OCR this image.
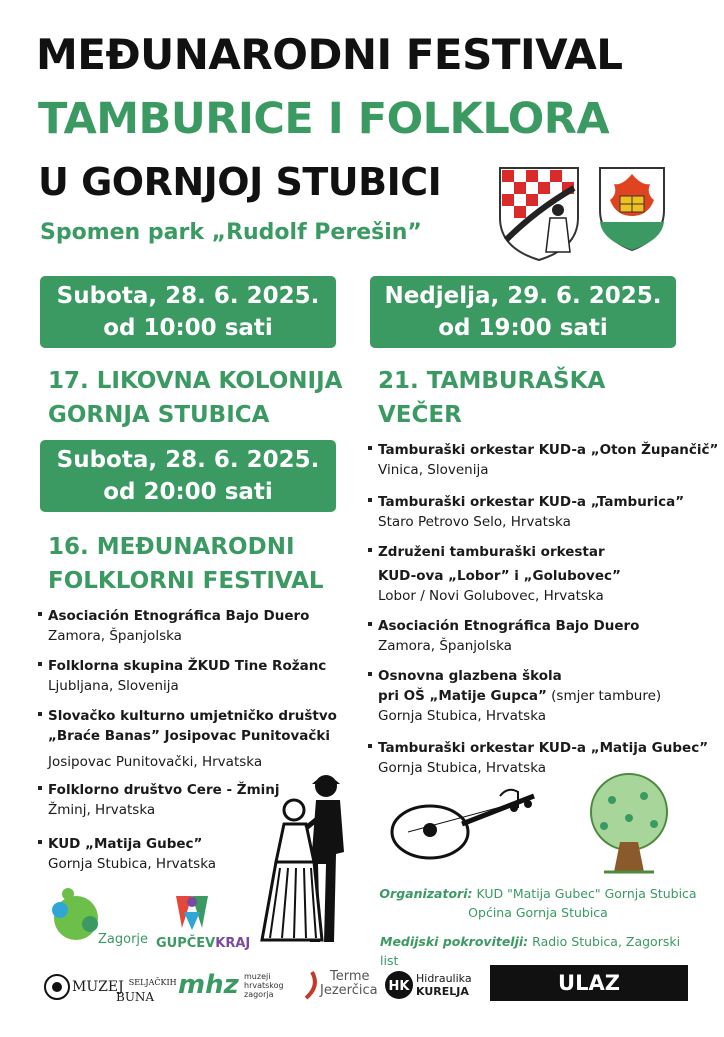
MEĐUNARODNI FESTIVAL
TAMBURICE I FOLKLORA
U GORNJOJ STUBICI
Spomen park „Rudolf Perešin”
Subota, 28. 6. 2025.
od 10:00 sati
17. LIKOVNA KOLONIJA
GORNJA STUBICA
Subota, 28. 6. 2025.
od 20:00 sati
16. MEĐUNARODNI
FOLKLORNI FESTIVAL
Asociación Etnográfica Bajo Duero
Zamora, Španjolska
Folklorna skupina ŽKUD Tine Rožanc
Ljubljana, Slovenija
Slovačko kulturno umjetničko društvo
„Braće Banas” Josipovac Punitovački
Josipovac Punitovački, Hrvatska
Folklorno društvo Cere - Žminj
Žminj, Hrvatska
KUD „Matija Gubec”
Gornja Stubica, Hrvatska
Nedjelja, 29. 6. 2025.
od 19:00 sati
21. TAMBURAŠKA
VEČER
Tamburaški orkestar KUD-a „Oton Župančič”
Vinica, Slovenija
Tamburaški orkestar KUD-a „Tamburica”
Staro Petrovo Selo, Hrvatska
Združeni tamburaški orkestar
KUD-ova „Lobor” i „Golubovec”
Lobor / Novi Golubovec, Hrvatska
Asociación Etnográfica Bajo Duero
Zamora, Španjolska
Osnovna glazbena škola
pri OŠ „Matije Gupca” (smjer tambure)
Gornja Stubica, Hrvatska
Tamburaški orkestar KUD-a „Matija Gubec”
Gornja Stubica, Hrvatska
Organizatori: KUD "Matija Gubec" Gornja Stubica
Općina Gornja Stubica
Medijski pokrovitelji: Radio Stubica, Zagorski list
Zagorje GUPČEVKRAJ
MUZEJ $^{SELJAČKIH}$
BUNA mhz muzeji
hrvatskog
zagorja
Terme
Jezerčica HK
Hidraulika
KURELJA	ULAZ SLOBODAN
